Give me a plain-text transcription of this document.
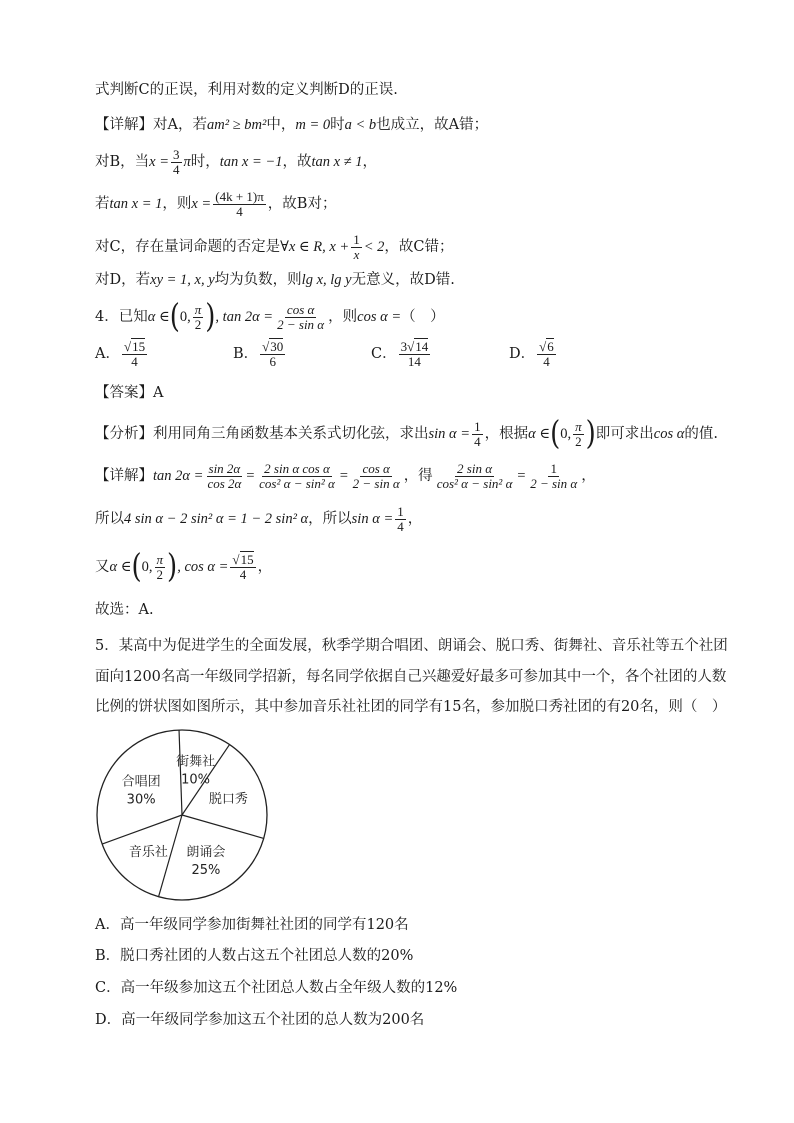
式判断C的正误，利用对数的定义判断D的正误.
【详解】对A，若am² ≥ bm²中，m = 0时a < b也成立，故A错；
对B，当$x = \frac{3}{4}$ π时，tan x = −1，故tan x ≠ 1，
若tan x = 1，则$x = \frac{(4k + 1)\pi}{4}$ ，故B对；
对C，存在量词命题的否定是∀x ∈ R, $x + \frac{1}{x} < 2$，故C错；
对D，若xy = 1, x, y均为负数，则lg x, lg y无意义，故D错.
4．已知α ∈(0, $\frac{\pi}{2}$ ), $\tan 2\alpha = \frac{\text{cos α}}{\text{2 − sin α}}$ ，则cos α =（　）
A． $\frac{√15}{4}$	B． $\frac{√30}{6}$	C． $\frac{3√14}{14}$	D． $\frac{√6}{4}$
【答案】A
【分析】利用同角三角函数基本关系式切化弦，求出$\sin \alpha = \frac{1}{4}$ ，根据α ∈(0, $\frac{\pi}{2}$ )即可求出cos α的值.
【详解】$\tan 2\alpha = \frac{\sin 2\alpha}{\cos 2\alpha} = \frac{\text{2 sin α cos α}}{\text{cos² α − sin² α}} = \frac{\text{cos α}}{\text{2 − sin α}}$ ，得 $\frac{\text{2 sin α}}{\text{cos² α − sin² α}} = \frac{1}{\text{2 − sin α}}$ ，
所以4 sin α − 2 sin² α = 1 − 2 sin² α，所以$\sin \alpha = \frac{1}{4}$ ，
又α ∈(0, $\frac{\pi}{2}$ ), $\cos \alpha = \frac{√15}{4}$ ，
故选：A.
5．某高中为促进学生的全面发展，秋季学期合唱团、朗诵会、脱口秀、街舞社、音乐社等五个社团
面向1200名高一年级同学招新，每名同学依据自己兴趣爱好最多可参加其中一个，各个社团的人数
比例的饼状图如图所示，其中参加音乐社社团的同学有15名，参加脱口秀社团的有20名，则（　）
街舞社
10%
脱口秀
朗诵会
25%
音乐社
合唱团
30%
A．高一年级同学参加街舞社社团的同学有120名
B．脱口秀社团的人数占这五个社团总人数的20%
C．高一年级参加这五个社团总人数占全年级人数的12%
D．高一年级同学参加这五个社团的总人数为200名
